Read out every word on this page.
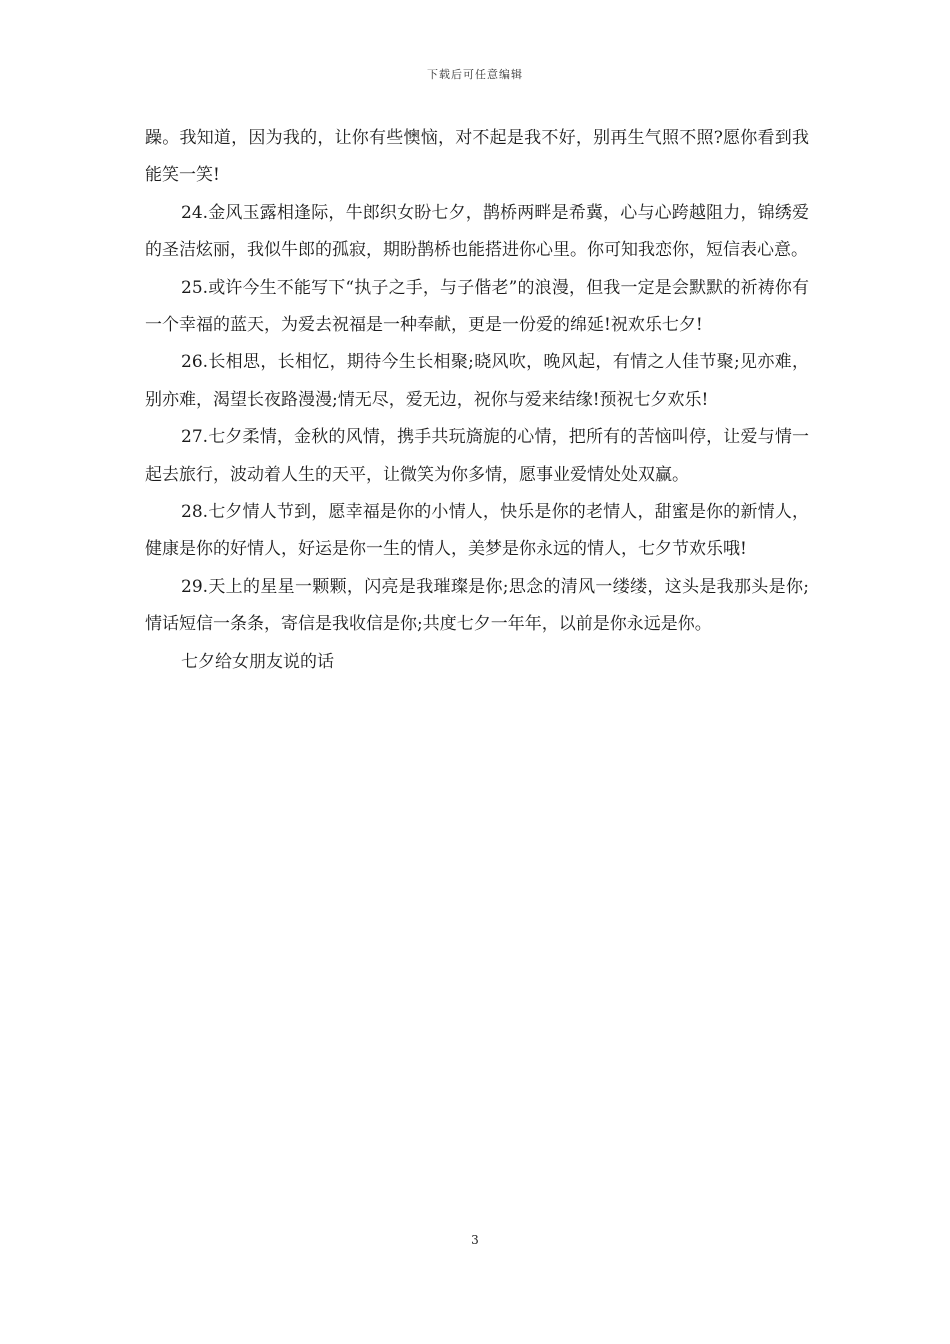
下载后可任意编辑

躁。我知道，因为我的，让你有些懊恼，对不起是我不好，别再生气照不照?愿你看到我能笑一笑!

24.金风玉露相逢际，牛郎织女盼七夕，鹊桥两畔是希冀，心与心跨越阻力，锦绣爱的圣洁炫丽，我似牛郎的孤寂，期盼鹊桥也能搭进你心里。你可知我恋你，短信表心意。

25.或许今生不能写下“执子之手，与子偕老”的浪漫，但我一定是会默默的祈祷你有一个幸福的蓝天，为爱去祝福是一种奉献，更是一份爱的绵延!祝欢乐七夕!

26.长相思，长相忆，期待今生长相聚;晓风吹，晚风起，有情之人佳节聚;见亦难，别亦难，渴望长夜路漫漫;情无尽，爱无边，祝你与爱来结缘!预祝七夕欢乐!

27.七夕柔情，金秋的风情，携手共玩旖旎的心情，把所有的苦恼叫停，让爱与情一起去旅行，波动着人生的天平，让微笑为你多情，愿事业爱情处处双赢。

28.七夕情人节到，愿幸福是你的小情人，快乐是你的老情人，甜蜜是你的新情人，健康是你的好情人，好运是你一生的情人，美梦是你永远的情人，七夕节欢乐哦!

29.天上的星星一颗颗，闪亮是我璀璨是你;思念的清风一缕缕，这头是我那头是你;情话短信一条条，寄信是我收信是你;共度七夕一年年，以前是你永远是你。

七夕给女朋友说的话

3
